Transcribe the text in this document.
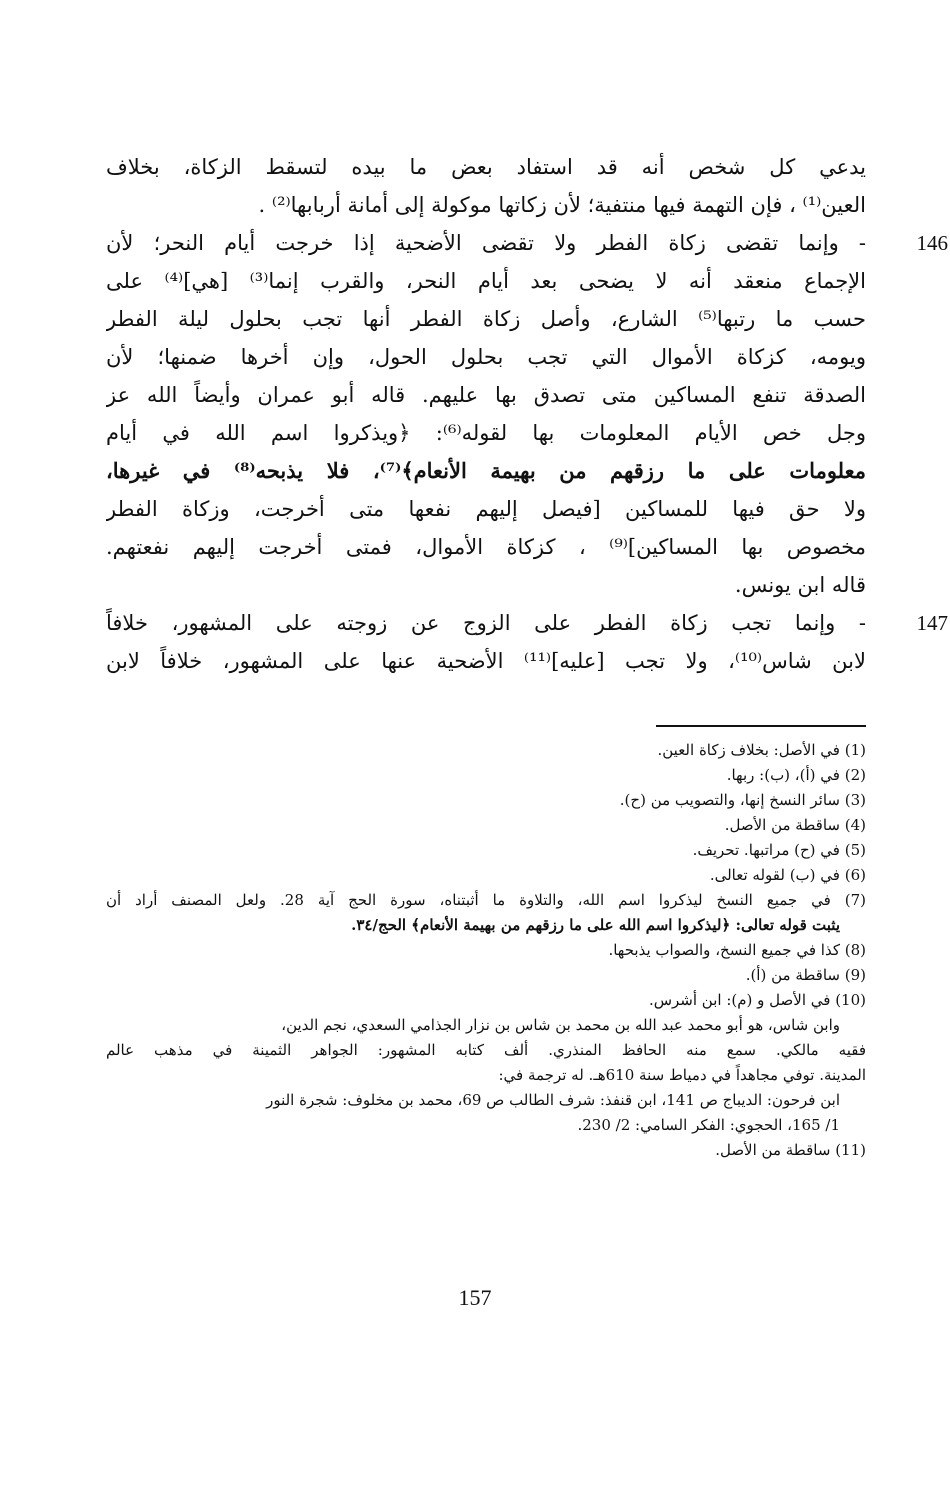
يدعي كل شخص أنه قد استفاد بعض ما بيده لتسقط الزكاة، بخلاف
العين⁽¹⁾ ، فإن التهمة فيها منتفية؛ لأن زكاتها موكولة إلى أمانة أربابها⁽²⁾ .
146
- وإنما تقضى زكاة الفطر ولا تقضى الأضحية إذا خرجت أيام النحر؛ لأن
الإجماع منعقد أنه لا يضحى بعد أيام النحر، والقرب إنما⁽³⁾ [هي]⁽⁴⁾ على
حسب ما رتبها⁽⁵⁾ الشارع، وأصل زكاة الفطر أنها تجب بحلول ليلة الفطر
ويومه، كزكاة الأموال التي تجب بحلول الحول، وإن أخرها ضمنها؛ لأن
الصدقة تنفع المساكين متى تصدق بها عليهم. قاله أبو عمران وأيضاً الله عز
وجل خص الأيام المعلومات بها لقوله⁽⁶⁾: ﴿ويذكروا اسم الله في أيام
معلومات على ما رزقهم من بهيمة الأنعام﴾⁽⁷⁾، فلا يذبحه⁽⁸⁾ في غيرها،
ولا حق فيها للمساكين [فيصل إليهم نفعها متى أخرجت، وزكاة الفطر
مخصوص بها المساكين]⁽⁹⁾ ، كزكاة الأموال، فمتى أخرجت إليهم نفعتهم.
قاله ابن يونس.
147
- وإنما تجب زكاة الفطر على الزوج عن زوجته على المشهور، خلافاً
لابن شاس⁽¹⁰⁾، ولا تجب [عليه]⁽¹¹⁾ الأضحية عنها على المشهور، خلافاً لابن
(1) في الأصل: بخلاف زكاة العين.
(2) في (أ)، (ب): ربها.
(3) سائر النسخ إنها، والتصويب من (ح).
(4) ساقطة من الأصل.
(5) في (ح) مراتبها. تحريف.
(6) في (ب) لقوله تعالى.
(7) في جميع النسخ ليذكروا اسم الله، والتلاوة ما أثبتناه، سورة الحج آية 28. ولعل المصنف أراد أن
يثبت قوله تعالى: ﴿ليذكروا اسم الله على ما رزقهم من بهيمة الأنعام﴾ الحج/٣٤.
(8) كذا في جميع النسخ، والصواب يذبحها.
(9) ساقطة من (أ).
(10) في الأصل و (م): ابن أشرس.
وابن شاس، هو أبو محمد عبد الله بن محمد بن شاس بن نزار الجذامي السعدي، نجم الدين،
فقيه مالكي. سمع منه الحافظ المنذري. ألف كتابه المشهور: الجواهر الثمينة في مذهب عالم
المدينة. توفي مجاهداً في دمياط سنة 610هـ. له ترجمة في:
ابن فرحون: الديباج ص 141، ابن قنفذ: شرف الطالب ص 69، محمد بن مخلوف: شجرة النور
1/ 165، الحجوي: الفكر السامي: 2/ 230.
(11) ساقطة من الأصل.
157
